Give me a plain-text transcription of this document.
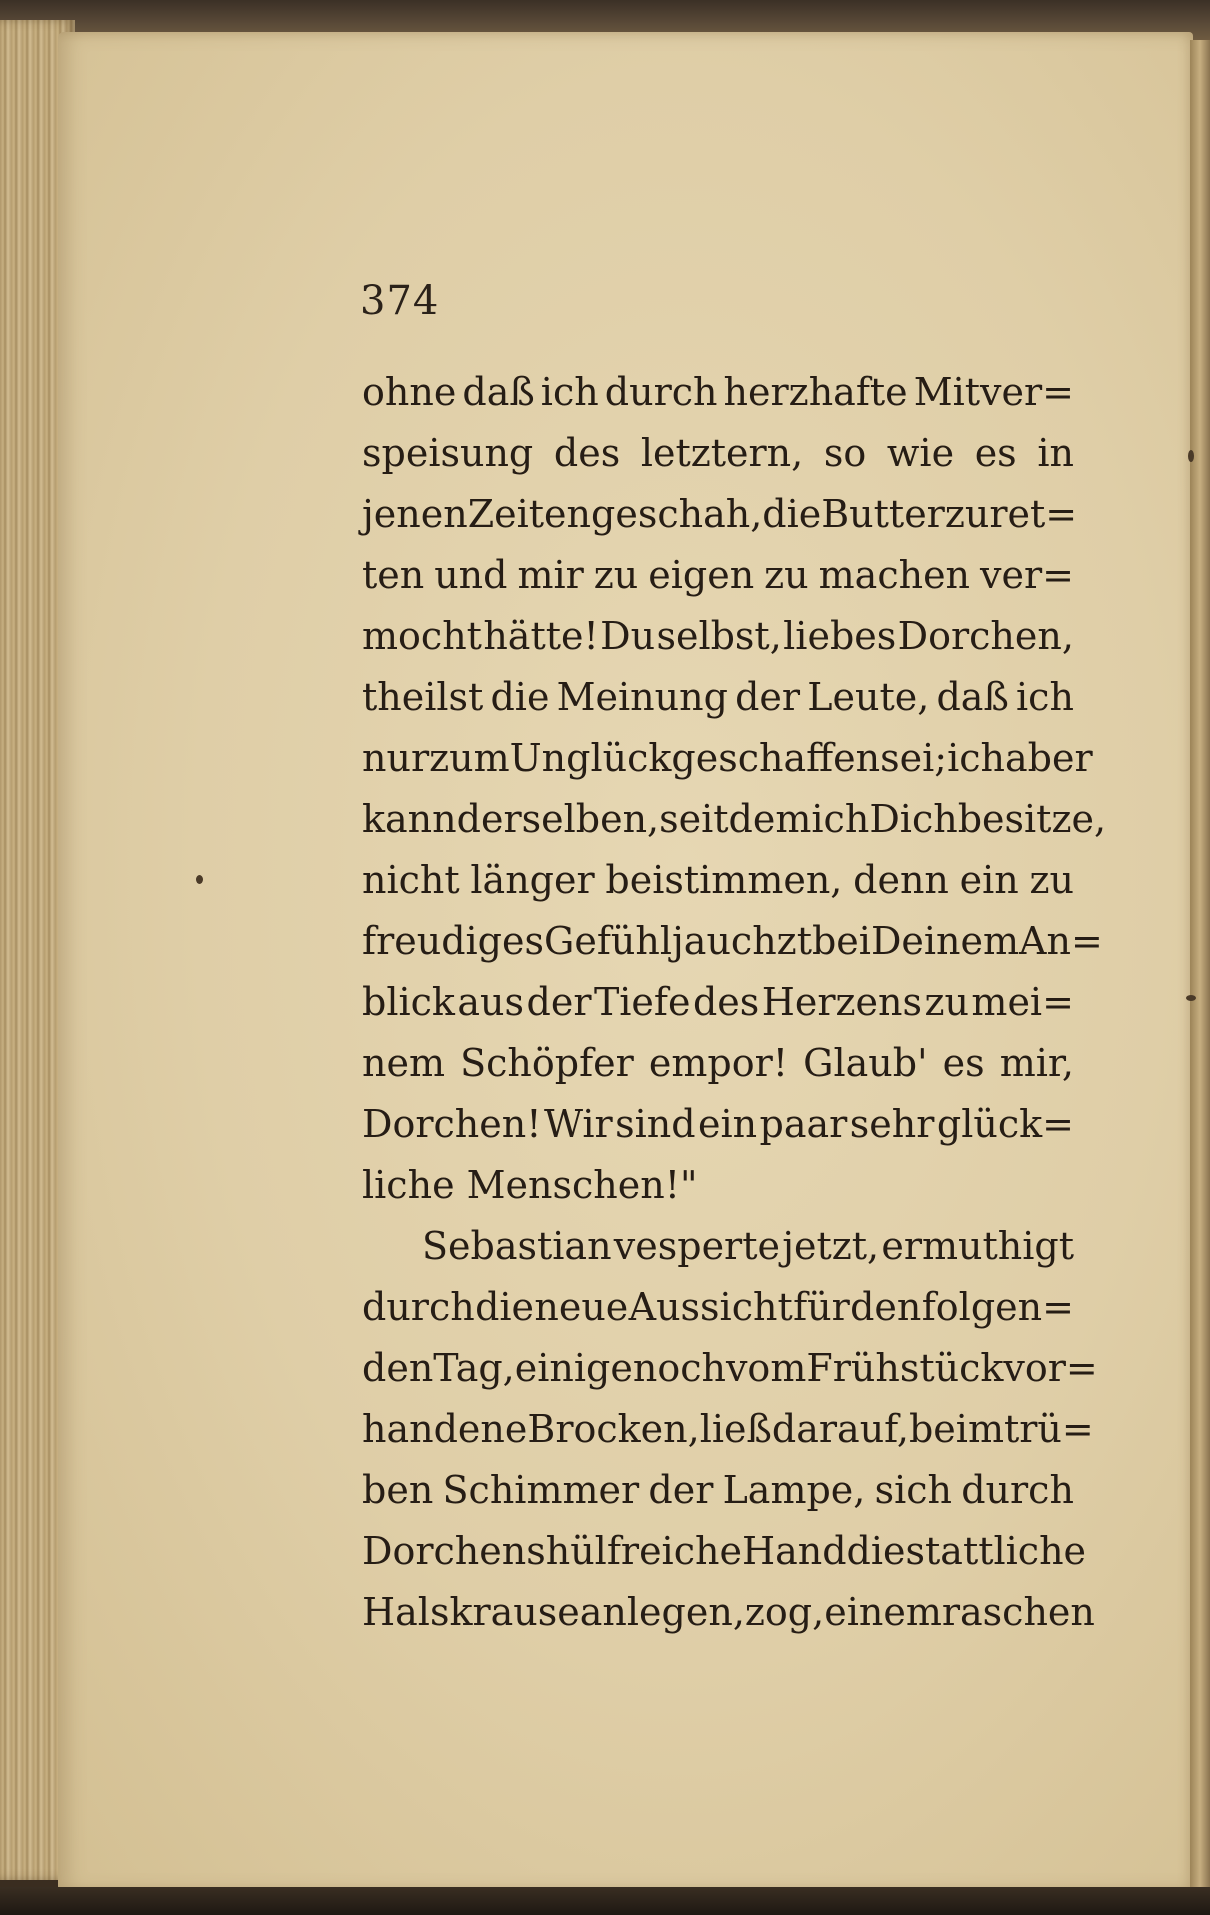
374
ohne daß ich durch herzhafte Mitver=
speisung des letztern, so wie es in
jenen Zeiten geschah, die Butter zu ret=
ten und mir zu eigen zu machen ver=
mocht hätte! Du selbst, liebes Dorchen,
theilst die Meinung der Leute, daß ich
nur zum Unglück geschaffen sei; ich aber
kann derselben, seitdem ich Dich besitze,
nicht länger beistimmen, denn ein zu
freudiges Gefühl jauchzt bei Deinem An=
blick aus der Tiefe des Herzens zu mei=
nem Schöpfer empor! Glaub' es mir,
Dorchen! Wir sind ein paar sehr glück=
liche Menschen!"
Sebastian vesperte jetzt, ermuthigt
durch die neue Aussicht für den folgen=
den Tag, einige noch vom Frühstück vor=
handene Brocken, ließ darauf, beim trü=
ben Schimmer der Lampe, sich durch
Dorchens hülfreiche Hand die stattliche
Halskrause anlegen, zog, einem raschen
